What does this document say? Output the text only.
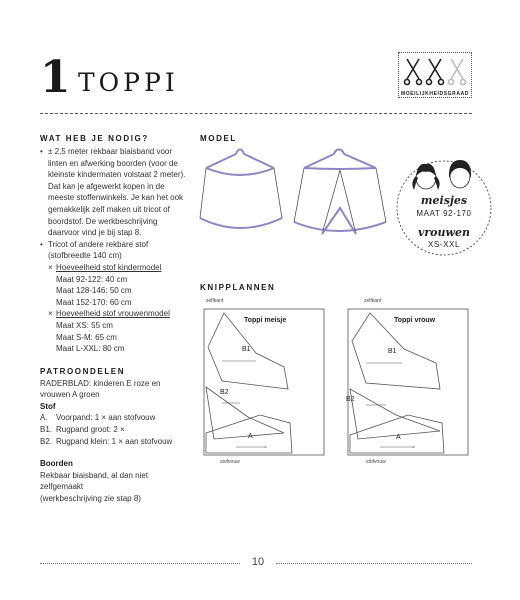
1 TOPPI	MOEILIJKHEIDSGRAAD
WAT HEB JE NODIG?
• ± 2,5 meter rekbaar biaisband voor linten en afwerking boorden (voor de kleinste kindermaten volstaat 2 meter). Dat kan je afgewerkt kopen in de meeste stoffenwinkels. Je kan het ook gemakkelijk zelf maken uit tricot of boordstof. De werkbeschrijving daarvoor vind je bij stap 8.
• Tricot of andere rekbare stof (stofbreedte 140 cm)
× Hoeveelheid stof kindermodel
Maat 92-122: 40 cm
Maat 128-146: 50 cm
Maat 152-170: 60 cm
× Hoeveelheid stof vrouwenmodel
Maat XS: 55 cm
Maat S-M: 65 cm
Maat L-XXL: 80 cm
PATROONDELEN
RADERBLAD: kinderen E roze en vrouwen A groen
Stof
A.	Voorpand: 1 × aan stofvouw
B1. Rugpand groot: 2 ×
B2. Rugpand klein: 1 × aan stofvouw
Boorden
Rekbaar biaisband, al dan niet zelfgemaakt
(werkbeschrijving zie stap 8)
MODEL
meisjes
MAAT 92-170
vrouwen
XS-XXL
KNIPPLANNEN
zelfkant
Toppi meisje
B1
B2
A
stofvouw
zelfkant
Toppi vrouw
B1
B2
A
stofvouw
10
